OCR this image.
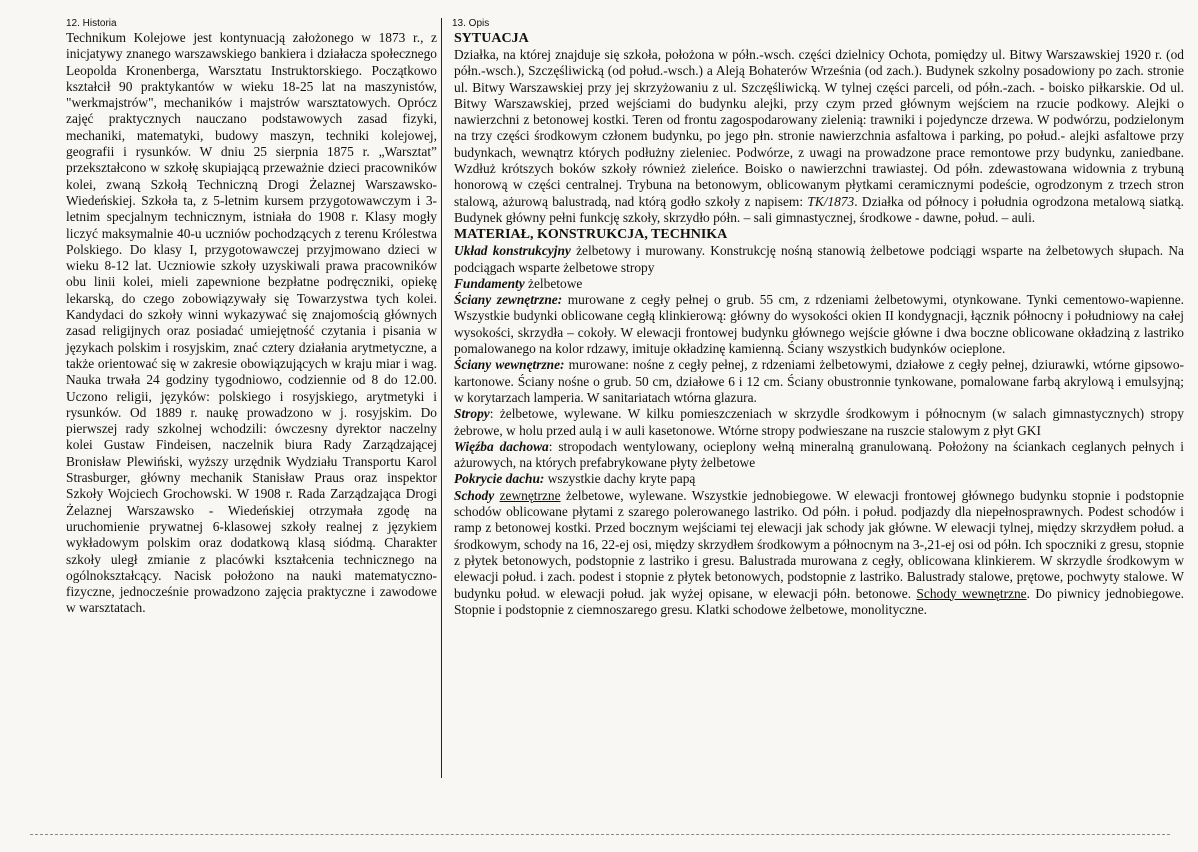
12. Historia

Technikum Kolejowe jest kontynuacją założonego w 1873 r., z inicjatywy znanego warszawskiego bankiera i działacza społecznego Leopolda Kronenberga, Warsztatu Instruktorskiego. Początkowo kształcił 90 praktykantów w wieku 18-25 lat na maszynistów, "werkmajstrów", mechaników i majstrów warsztatowych. Oprócz zajęć praktycznych nauczano podstawowych zasad fizyki, mechaniki, matematyki, budowy maszyn, techniki kolejowej, geografii i rysunków. W dniu 25 sierpnia 1875 r. „Warsztat” przekształcono w szkołę skupiającą przeważnie dzieci pracowników kolei, zwaną Szkołą Techniczną Drogi Żelaznej Warszawsko-Wiedeńskiej. Szkoła ta, z 5-letnim kursem przygotowawczym i 3-letnim specjalnym technicznym, istniała do 1908 r. Klasy mogły liczyć maksymalnie 40-u uczniów pochodzących z terenu Królestwa Polskiego. Do klasy I, przygotowawczej przyjmowano dzieci w wieku 8-12 lat. Uczniowie szkoły uzyskiwali prawa pracowników obu linii kolei, mieli zapewnione bezpłatne podręczniki, opiekę lekarską, do czego zobowiązywały się Towarzystwa tych kolei. Kandydaci do szkoły winni wykazywać się znajomością głównych zasad religijnych oraz posiadać umiejętność czytania i pisania w językach polskim i rosyjskim, znać cztery działania arytmetyczne, a także orientować się w zakresie obowiązujących w kraju miar i wag. Nauka trwała 24 godziny tygodniowo, codziennie od 8 do 12.00. Uczono religii, języków: polskiego i rosyjskiego, arytmetyki i rysunków. Od 1889 r. naukę prowadzono w j. rosyjskim. Do pierwszej rady szkolnej wchodzili: ówczesny dyrektor naczelny kolei Gustaw Findeisen, naczelnik biura Rady Zarządzającej Bronisław Plewiński, wyższy urzędnik Wydziału Transportu Karol Strasburger, główny mechanik Stanisław Praus oraz inspektor Szkoły Wojciech Grochowski. W 1908 r. Rada Zarządzająca Drogi Żelaznej Warszawsko - Wiedeńskiej otrzymała zgodę na uruchomienie prywatnej 6-klasowej szkoły realnej z językiem wykładowym polskim oraz dodatkową klasą siódmą. Charakter szkoły uległ zmianie z placówki kształcenia technicznego na ogólnokształcący. Nacisk położono na nauki matematyczno-fizyczne, jednocześnie prowadzono zajęcia praktyczne i zawodowe w warsztatach.

13. Opis

SYTUACJA

Działka, na której znajduje się szkoła, położona w półn.-wsch. części dzielnicy Ochota, pomiędzy ul. Bitwy Warszawskiej 1920 r. (od półn.-wsch.), Szczęśliwicką (od połud.-wsch.) a Aleją Bohaterów Września (od zach.). Budynek szkolny posadowiony po zach. stronie ul. Bitwy Warszawskiej przy jej skrzyżowaniu z ul. Szczęśliwicką. W tylnej części parceli, od półn.-zach. - boisko piłkarskie. Od ul. Bitwy Warszawskiej, przed wejściami do budynku alejki, przy czym przed głównym wejściem na rzucie podkowy. Alejki o nawierzchni z betonowej kostki. Teren od frontu zagospodarowany zielenią: trawniki i pojedyncze drzewa. W podwórzu, podzielonym na trzy części środkowym członem budynku, po jego płn. stronie nawierzchnia asfaltowa i parking, po połud.- alejki asfaltowe przy budynkach, wewnątrz których podłużny zieleniec. Podwórze, z uwagi na prowadzone prace remontowe przy budynku, zaniedbane. Wzdłuż krótszych boków szkoły również zieleńce. Boisko o nawierzchni trawiastej. Od półn. zdewastowana widownia z trybuną honorową w części centralnej. Trybuna na betonowym, oblicowanym płytkami ceramicznymi podeście, ogrodzonym z trzech stron stalową, ażurową balustradą, nad którą godło szkoły z napisem: TK/1873. Działka od północy i południa ogrodzona metalową siatką. Budynek główny pełni funkcję szkoły, skrzydło półn. – sali gimnastycznej, środkowe - dawne, połud. – auli.

MATERIAŁ, KONSTRUKCJA, TECHNIKA

Układ konstrukcyjny żelbetowy i murowany. Konstrukcję nośną stanowią żelbetowe podciągi wsparte na żelbetowych słupach. Na podciągach wsparte żelbetowe stropy

Fundamenty żelbetowe

Ściany zewnętrzne: murowane z cegły pełnej o grub. 55 cm, z rdzeniami żelbetowymi, otynkowane. Tynki cementowo-wapienne. Wszystkie budynki oblicowane cegłą klinkierową: główny do wysokości okien II kondygnacji, łącznik północny i południowy na całej wysokości, skrzydła – cokoły. W elewacji frontowej budynku głównego wejście główne i dwa boczne oblicowane okładziną z lastriko pomalowanego na kolor rdzawy, imituje okładzinę kamienną. Ściany wszystkich budynków ocieplone.

Ściany wewnętrzne: murowane: nośne z cegły pełnej, z rdzeniami żelbetowymi, działowe z cegły pełnej, dziurawki, wtórne gipsowo-kartonowe. Ściany nośne o grub. 50 cm, działowe 6 i 12 cm. Ściany obustronnie tynkowane, pomalowane farbą akrylową i emulsyjną; w korytarzach lamperia. W sanitariatach wtórna glazura.

Stropy: żelbetowe, wylewane. W kilku pomieszczeniach w skrzydle środkowym i północnym (w salach gimnastycznych) stropy żebrowe, w holu przed aulą i w auli kasetonowe. Wtórne stropy podwieszane na ruszcie stalowym z płyt GKI

Więźba dachowa: stropodach wentylowany, ocieplony wełną mineralną granulowaną. Położony na ściankach ceglanych pełnych i ażurowych, na których prefabrykowane płyty żelbetowe

Pokrycie dachu: wszystkie dachy kryte papą

Schody zewnętrzne żelbetowe, wylewane. Wszystkie jednobiegowe. W elewacji frontowej głównego budynku stopnie i podstopnie schodów oblicowane płytami z szarego polerowanego lastriko. Od półn. i połud. podjazdy dla niepełnosprawnych. Podest schodów i ramp z betonowej kostki. Przed bocznym wejściami tej elewacji jak schody jak główne. W elewacji tylnej, między skrzydłem połud. a środkowym, schody na 16, 22-ej osi, między skrzydłem środkowym a północnym na 3-,21-ej osi od półn. Ich spoczniki z gresu, stopnie z płytek betonowych, podstopnie z lastriko i gresu. Balustrada murowana z cegły, oblicowana klinkierem. W skrzydle środkowym w elewacji połud. i zach. podest i stopnie z płytek betonowych, podstopnie z lastriko. Balustrady stalowe, prętowe, pochwyty stalowe. W budynku połud. w elewacji połud. jak wyżej opisane, w elewacji półn. betonowe. Schody wewnętrzne. Do piwnicy jednobiegowe. Stopnie i podstopnie z ciemnoszarego gresu. Klatki schodowe żelbetowe, monolityczne.
